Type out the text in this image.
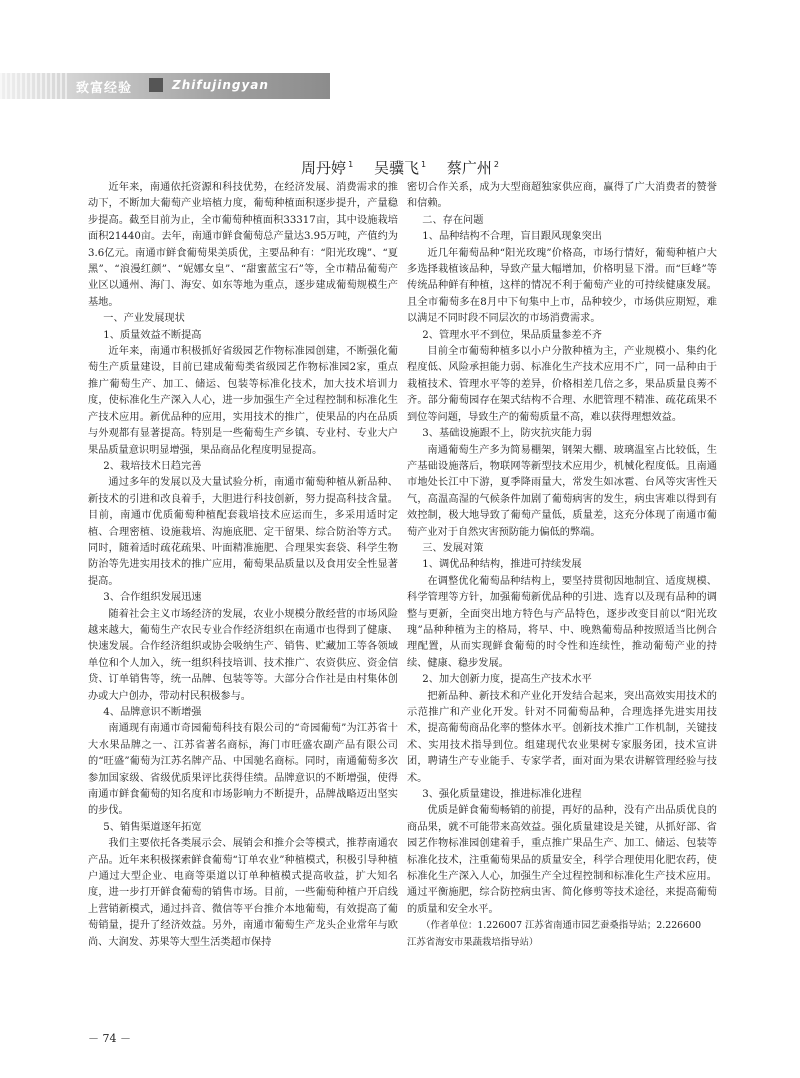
致富经验	Zhifujingyan
周丹婷 $^1$ 吴骥飞 $^1$ 蔡广州 $^2$

近年来，南通依托资源和科技优势，在经济发展、消费需求的推动下，不断加大葡萄产业培植力度，葡萄种植面积逐步提升，产量稳步提高。截至目前为止，全市葡萄种植面积33317亩，其中设施栽培面积21440亩。去年，南通市鲜食葡萄总产量达3.95万吨，产值约为3.6亿元。南通市鲜食葡萄果美质优，主要品种有：“阳光玫瑰”、“夏黑”、“浪漫红颜”、“妮娜女皇”、“甜蜜蓝宝石”等，全市精品葡萄产业区以通州、海门、海安、如东等地为重点，逐步建成葡萄规模生产基地。

一、产业发展现状

1、质量效益不断提高

近年来，南通市积极抓好省级园艺作物标准园创建，不断强化葡萄生产质量建设，目前已建成葡萄类省级园艺作物标准园2家，重点推广葡萄生产、加工、储运、包装等标准化技术，加大技术培训力度，使标准化生产深入人心，进一步加强生产全过程控制和标准化生产技术应用。新优品种的应用，实用技术的推广，使果品的内在品质与外观都有显著提高。特别是一些葡萄生产乡镇、专业村、专业大户果品质量意识明显增强，果品商品化程度明显提高。

2、栽培技术日趋完善

通过多年的发展以及大量试验分析，南通市葡萄种植从新品种、新技术的引进和改良着手，大胆进行科技创新，努力提高科技含量。目前，南通市优质葡萄种植配套栽培技术应运而生，多采用适时定植、合理密植、设施栽培、沟施底肥、定干留果、综合防治等方式。同时，随着适时疏花疏果、叶面精准施肥、合理果实套袋、科学生物防治等先进实用技术的推广应用，葡萄果品质量以及食用安全性显著提高。

3、合作组织发展迅速

随着社会主义市场经济的发展，农业小规模分散经营的市场风险越来越大，葡萄生产农民专业合作经济组织在南通市也得到了健康、快速发展。合作经济组织或协会吸纳生产、销售、贮藏加工等各领域单位和个人加入，统一组织科技培训、技术推广、农资供应、资金信贷、订单销售等，统一品牌、包装等等。大部分合作社是由村集体创办或大户创办，带动村民积极参与。

4、品牌意识不断增强

南通现有南通市奇园葡萄科技有限公司的“奇园葡萄”为江苏省十大水果品牌之一、江苏省著名商标，海门市旺盛农副产品有限公司的“旺盛”葡萄为江苏名牌产品、中国驰名商标。同时，南通葡萄多次参加国家级、省级优质果评比获得佳绩。品牌意识的不断增强，使得南通市鲜食葡萄的知名度和市场影响力不断提升，品牌战略迈出坚实的步伐。

5、销售渠道逐年拓宽

我们主要依托各类展示会、展销会和推介会等模式，推荐南通农产品。近年来积极探索鲜食葡萄“订单农业”种植模式，积极引导种植户通过大型企业、电商等渠道以订单种植模式提高收益，扩大知名度，进一步打开鲜食葡萄的销售市场。目前，一些葡萄种植户开启线上营销新模式，通过抖音、微信等平台推介本地葡萄，有效提高了葡萄销量，提升了经济效益。另外，南通市葡萄生产龙头企业常年与欧尚、大润发、苏果等大型生活类超市保持

密切合作关系，成为大型商超独家供应商，赢得了广大消费者的赞誉和信赖。

二、存在问题

1、品种结构不合理，盲目跟风现象突出

近几年葡萄品种“阳光玫瑰”价格高，市场行情好，葡萄种植户大多选择栽植该品种，导致产量大幅增加，价格明显下滑。而“巨峰”等传统品种鲜有种植，这样的情况不利于葡萄产业的可持续健康发展。且全市葡萄多在8月中下旬集中上市，品种较少，市场供应期短，难以满足不同时段不同层次的市场消费需求。

2、管理水平不到位，果品质量参差不齐

目前全市葡萄种植多以小户分散种植为主，产业规模小、集约化程度低、风险承担能力弱、标准化生产技术应用不广，同一品种由于栽植技术、管理水平等的差异，价格相差几倍之多，果品质量良莠不齐。部分葡萄园存在架式结构不合理、水肥管理不精准、疏花疏果不到位等问题，导致生产的葡萄质量不高，难以获得理想效益。

3、基础设施跟不上，防灾抗灾能力弱

南通葡萄生产多为简易棚架，钢架大棚、玻璃温室占比较低，生产基础设施落后，物联网等新型技术应用少，机械化程度低。且南通市地处长江中下游，夏季降雨量大，常发生如冰雹、台风等灾害性天气，高温高湿的气候条件加剧了葡萄病害的发生，病虫害难以得到有效控制，极大地导致了葡萄产量低，质量差，这充分体现了南通市葡萄产业对于自然灾害预防能力偏低的弊端。

三、发展对策

1、调优品种结构，推进可持续发展

在调整优化葡萄品种结构上，要坚持贯彻因地制宜、适度规模、科学管理等方针，加强葡萄新优品种的引进、选育以及现有品种的调整与更新，全面突出地方特色与产品特色，逐步改变目前以“阳光玫瑰”品种种植为主的格局，将早、中、晚熟葡萄品种按照适当比例合理配置，从而实现鲜食葡萄的时令性和连续性，推动葡萄产业的持续、健康、稳步发展。

2、加大创新力度，提高生产技术水平

把新品种、新技术和产业化开发结合起来，突出高效实用技术的示范推广和产业化开发。针对不同葡萄品种，合理选择先进实用技术，提高葡萄商品化率的整体水平。创新技术推广工作机制，关键技术、实用技术指导到位。组建现代农业果树专家服务团，技术宣讲团，聘请生产专业能手、专家学者，面对面为果农讲解管理经验与技术。

3、强化质量建设，推进标准化进程

优质是鲜食葡萄畅销的前提，再好的品种，没有产出品质优良的商品果，就不可能带来高效益。强化质量建设是关键，从抓好部、省园艺作物标准园创建着手，重点推广果品生产、加工、储运、包装等标准化技术，注重葡萄果品的质量安全，科学合理使用化肥农药，使标准化生产深入人心，加强生产全过程控制和标准化生产技术应用。通过平衡施肥，综合防控病虫害、简化修剪等技术途径，来提高葡萄的质量和安全水平。

（作者单位：1.226007 江苏省南通市园艺蚕桑指导站；2.226600

江苏省海安市果蔬栽培指导站）

－ 74 －
